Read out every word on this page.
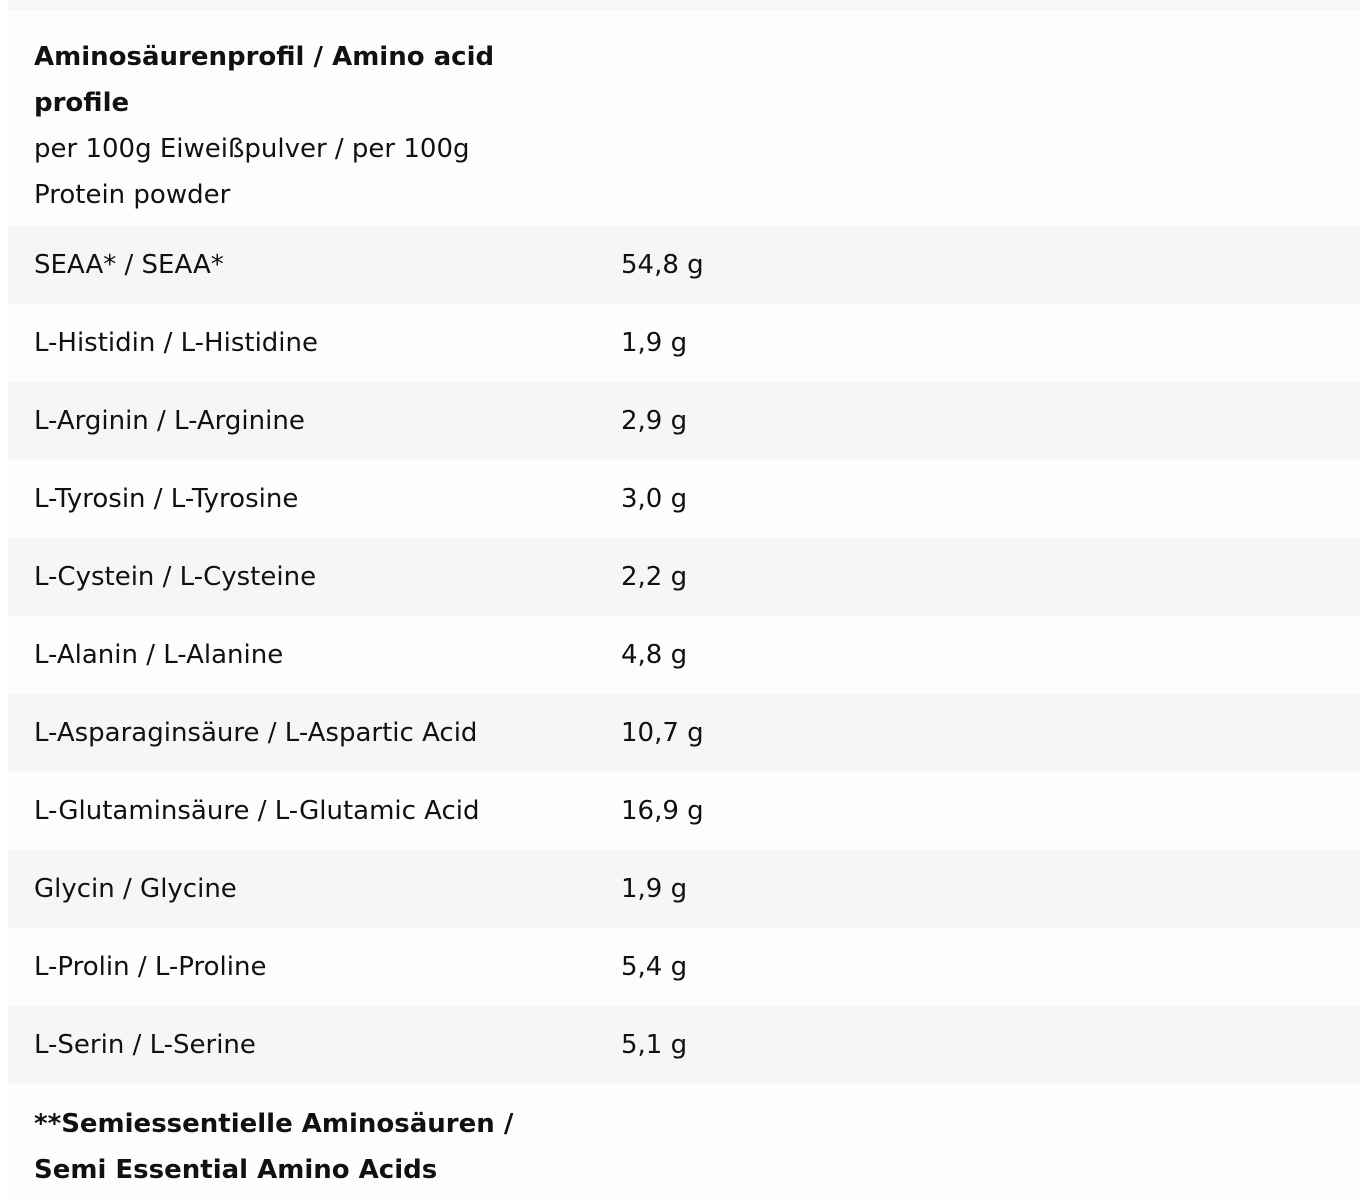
Aminosäurenprofil / Amino acid profile
per 100g Eiweißpulver / per 100g Protein powder
SEAA* / SEAA*	54,8 g
L-Histidin / L-Histidine	1,9 g
L-Arginin / L-Arginine	2,9 g
L-Tyrosin / L-Tyrosine	3,0 g
L-Cystein / L-Cysteine	2,2 g
L-Alanin / L-Alanine	4,8 g
L-Asparaginsäure / L-Aspartic Acid	10,7 g
L-Glutaminsäure / L-Glutamic Acid	16,9 g
Glycin / Glycine	1,9 g
L-Prolin / L-Proline	5,4 g
L-Serin / L-Serine	5,1 g
**Semiessentielle Aminosäuren / Semi Essential Amino Acids
